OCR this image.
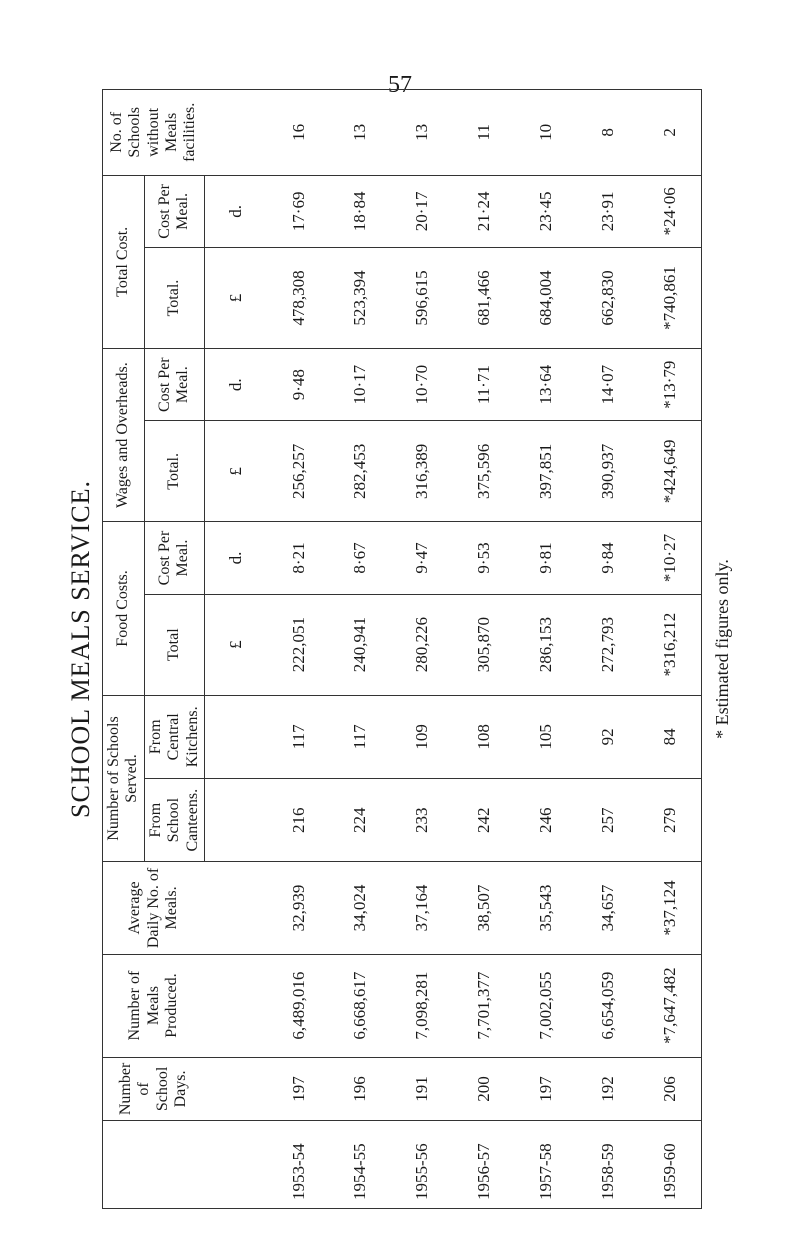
57
SCHOOL MEALS SERVICE.
	Number of School Days.	Number of Meals Produced.	Average Daily No. of Meals.	Number of Schools Served.		Food Costs.		Wages and Overheads.		Total Cost.		No. of Schools without Meals facilities.
				From School Canteens.	From Central Kitchens.	Total	Cost Per Meal.	Total.	Cost Per Meal.	Total.	Cost Per Meal.	
						£	d.	£	d.	£	d.	
1953-54	197	6,489,016	32,939	216	117	222,051	8·21	256,257	9·48	478,308	17·69	16
1954-55	196	6,668,617	34,024	224	117	240,941	8·67	282,453	10·17	523,394	18·84	13
1955-56	191	7,098,281	37,164	233	109	280,226	9·47	316,389	10·70	596,615	20·17	13
1956-57	200	7,701,377	38,507	242	108	305,870	9·53	375,596	11·71	681,466	21·24	11
1957-58	197	7,002,055	35,543	246	105	286,153	9·81	397,851	13·64	684,004	23·45	10
1958-59	192	6,654,059	34,657	257	92	272,793	9·84	390,937	14·07	662,830	23·91	8
1959-60	206	*7,647,482	*37,124	279	84	*316,212	*10·27	*424,649	*13·79	*740,861	*24·06	2
* Estimated figures only.
